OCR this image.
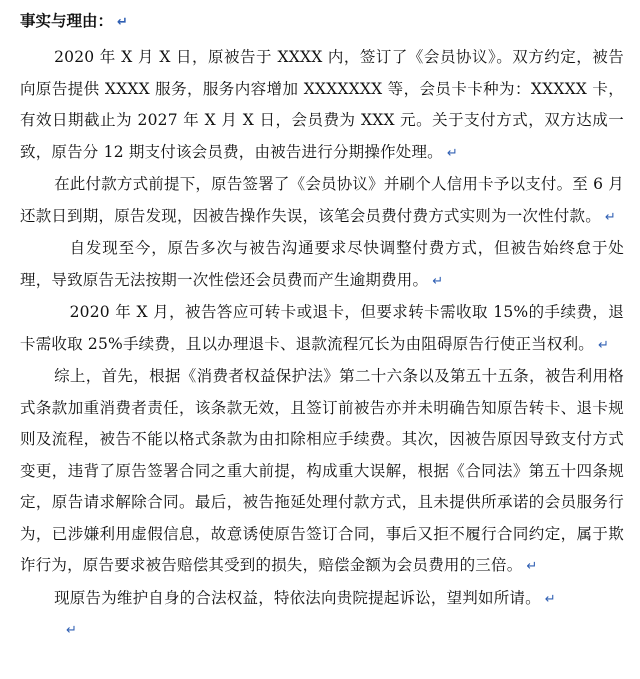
事实与理由： ↵

2020 年 X 月 X 日，原被告于 XXXX 内，签订了《会员协议》。双方约定，被告向原告提供 XXXX 服务，服务内容增加 XXXXXXX 等，会员卡卡种为：XXXXX 卡，有效日期截止为 2027 年 X 月 X 日，会员费为 XXX 元。关于支付方式，双方达成一致，原告分 12 期支付该会员费，由被告进行分期操作处理。 ↵

在此付款方式前提下，原告签署了《会员协议》并刷个人信用卡予以支付。至 6 月还款日到期，原告发现，因被告操作失误，该笔会员费付费方式实则为一次性付款。 ↵

自发现至今，原告多次与被告沟通要求尽快调整付费方式，但被告始终怠于处理，导致原告无法按期一次性偿还会员费而产生逾期费用。 ↵

2020 年 X 月，被告答应可转卡或退卡，但要求转卡需收取 15%的手续费，退卡需收取 25%手续费，且以办理退卡、退款流程冗长为由阻碍原告行使正当权利。 ↵

综上，首先，根据《消费者权益保护法》第二十六条以及第五十五条，被告利用格式条款加重消费者责任，该条款无效，且签订前被告亦并未明确告知原告转卡、退卡规则及流程，被告不能以格式条款为由扣除相应手续费。其次，因被告原因导致支付方式变更，违背了原告签署合同之重大前提，构成重大误解，根据《合同法》第五十四条规定，原告请求解除合同。最后，被告拖延处理付款方式，且未提供所承诺的会员服务行为，已涉嫌利用虚假信息，故意诱使原告签订合同，事后又拒不履行合同约定，属于欺诈行为，原告要求被告赔偿其受到的损失，赔偿金额为会员费用的三倍。 ↵

现原告为维护自身的合法权益，特依法向贵院提起诉讼，望判如所请。 ↵

↵
